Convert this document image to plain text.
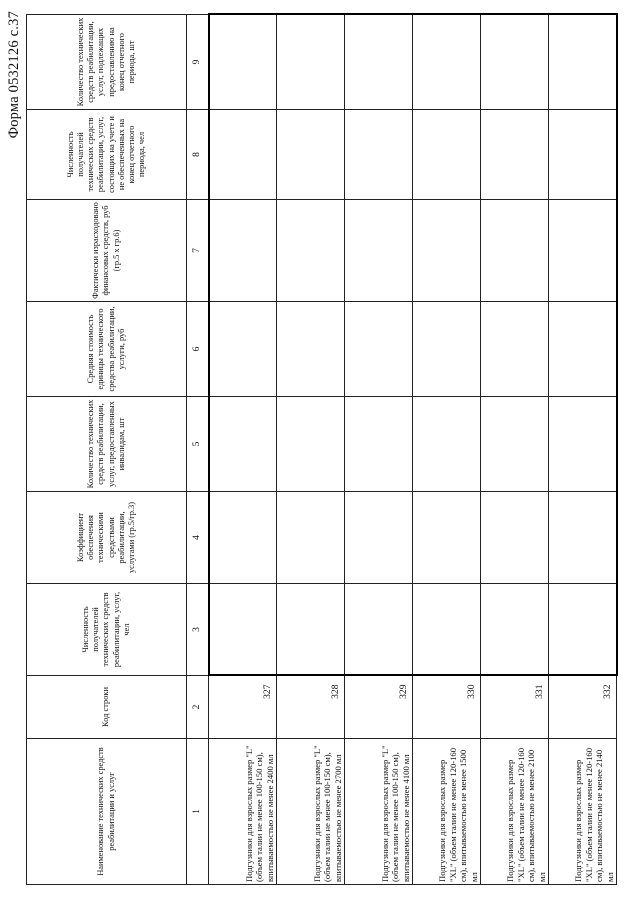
Форма 0532126 с.37
Наименование технических средств реабилитации и услуг	Код строки	Численность получателей технических средств реабилитации, услуг, чел	Коэффициент обеспечения техническими средствами реабилитации, услугами (гр.5/гр.3)	Количество технических средств реабилитации, услуг, предоставленных инвалидам, шт	Средняя стоимость единицы технического средства реабилитации, услуги, руб	Фактически израсходовано финансовых средств, руб (гр.5 х гр.6)	Численность получателей технических средств реабилитации, услуг, состоящих на учете и не обеспеченных на конец отчетного периода, чел	Количество технических средств реабилитации, услуг, подлежащих предоставлению на конец отчетного периода, шт
1	2	3	4	5	6	7	8	9
Подгузники для взрослых размер "L" (объем талии не менее 100-150 см), впитываемостью не менее 2400 мл	327							
Подгузники для взрослых размер "L" (объем талии не менее 100-150 см), впитываемостью не менее 2700 мл	328							
Подгузники для взрослых размер "L" (объем талии не менее 100-150 см), впитываемостью не менее 4100 мл	329							
Подгузники для взрослых размер "XL" (объем талии не менее 120-160 см), впитываемостью не менее 1500 мл	330							
Подгузники для взрослых размер "XL" (объем талии не менее 120-160 см), впитываемостью не менее 2100 мл	331							
Подгузники для взрослых размер "XL" (объем талии не менее 120-160 см), впитываемостью не менее 2140 мл	332							
